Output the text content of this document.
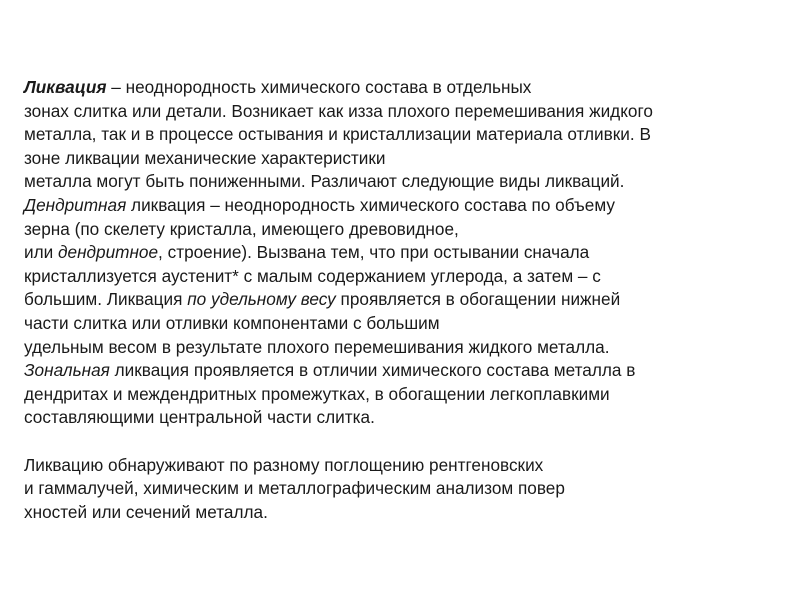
Ликвация – неоднородность химического состава в отдельных
зонах слитка или детали. Возникает как изза плохого перемешивания жидкого
металла, так и в процессе остывания и кристаллизации материала отливки. В
зоне ликвации механические характеристики
металла могут быть пониженными. Различают следующие виды ликваций.
Дендритная ликвация – неоднородность химического состава по объему
зерна (по скелету кристалла, имеющего древовидное,
или дендритное, строение). Вызвана тем, что при остывании сначала
кристаллизуется аустенит* с малым содержанием углерода, а затем – с
большим. Ликвация по удельному весу проявляется в обогащении нижней
части слитка или отливки компонентами с большим
удельным весом в результате плохого перемешивания жидкого металла.
Зональная ликвация проявляется в отличии химического состава металла в
дендритах и междендритных промежутках, в обогащении легкоплавкими
составляющими центральной части слитка.
Ликвацию обнаруживают по разному поглощению рентгеновских
и гаммалучей, химическим и металлографическим анализом повер
хностей или сечений металла.
